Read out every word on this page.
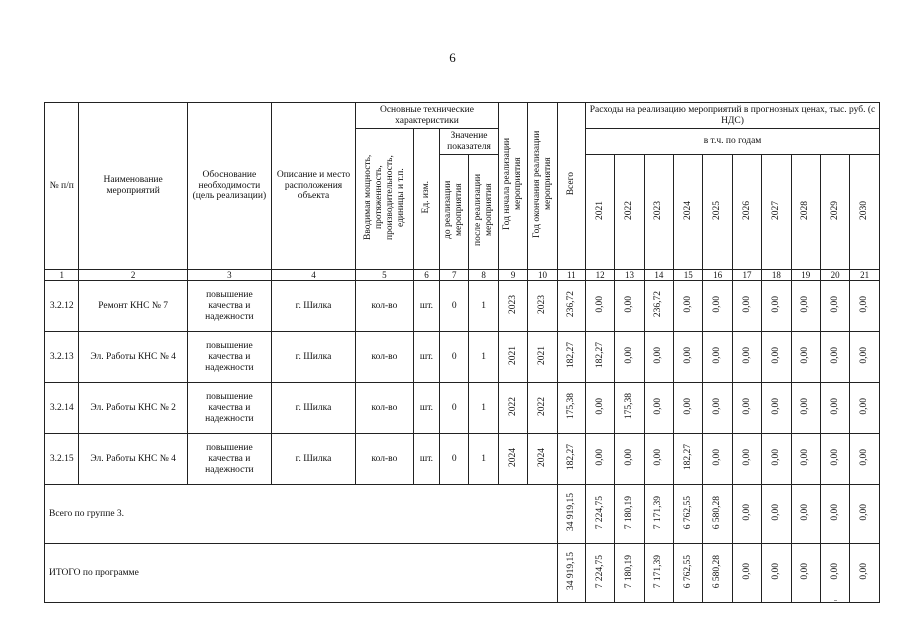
6
№ п/п	Наименование мероприятий	Обоснование необходимости (цель реализации)	Описание и место расположения объекта	Основные технические характеристики				Год начала реализации мероприятия	Год окончания реализации мероприятия	Всего	Расходы на реализацию мероприятий в прогнозных ценах, тыс. руб. (с НДС)									
				Вводимая мощность, протяженность, производительность, единицы и т.п.	Ед. изм.	Значение показателя					в т.ч. по годам									
						до реализации мероприятия	после реализации мероприятия													
											2021	2022	2023	2024	2025	2026	2027	2028	2029	2030
1	2	3	4	5	6	7	8	9	10	11	12	13	14	15	16	17	18	19	20	21
3.2.12	Ремонт КНС № 7	повышение качества и надежности	г. Шилка	кол-во	шт.	0	1	2023	2023	236,72	0,00	0,00	236,72	0,00	0,00	0,00	0,00	0,00	0,00	0,00
3.2.13	Эл. Работы КНС № 4	повышение качества и надежности	г. Шилка	кол-во	шт.	0	1	2021	2021	182,27	182,27	0,00	0,00	0,00	0,00	0,00	0,00	0,00	0,00	0,00
3.2.14	Эл. Работы КНС № 2	повышение качества и надежности	г. Шилка	кол-во	шт.	0	1	2022	2022	175,38	0,00	175,38	0,00	0,00	0,00	0,00	0,00	0,00	0,00	0,00
3.2.15	Эл. Работы КНС № 4	повышение качества и надежности	г. Шилка	кол-во	шт.	0	1	2024	2024	182,27	0,00	0,00	0,00	182,27	0,00	0,00	0,00	0,00	0,00	0,00
Всего по группе 3.										34 919,15	7 224,75	7 180,19	7 171,39	6 762,55	6 580,28	0,00	0,00	0,00	0,00	0,00
ИТОГО по программе										34 919,15	7 224,75	7 180,19	7 171,39	6 762,55	6 580,28	0,00	0,00	0,00	0,00	0,00
